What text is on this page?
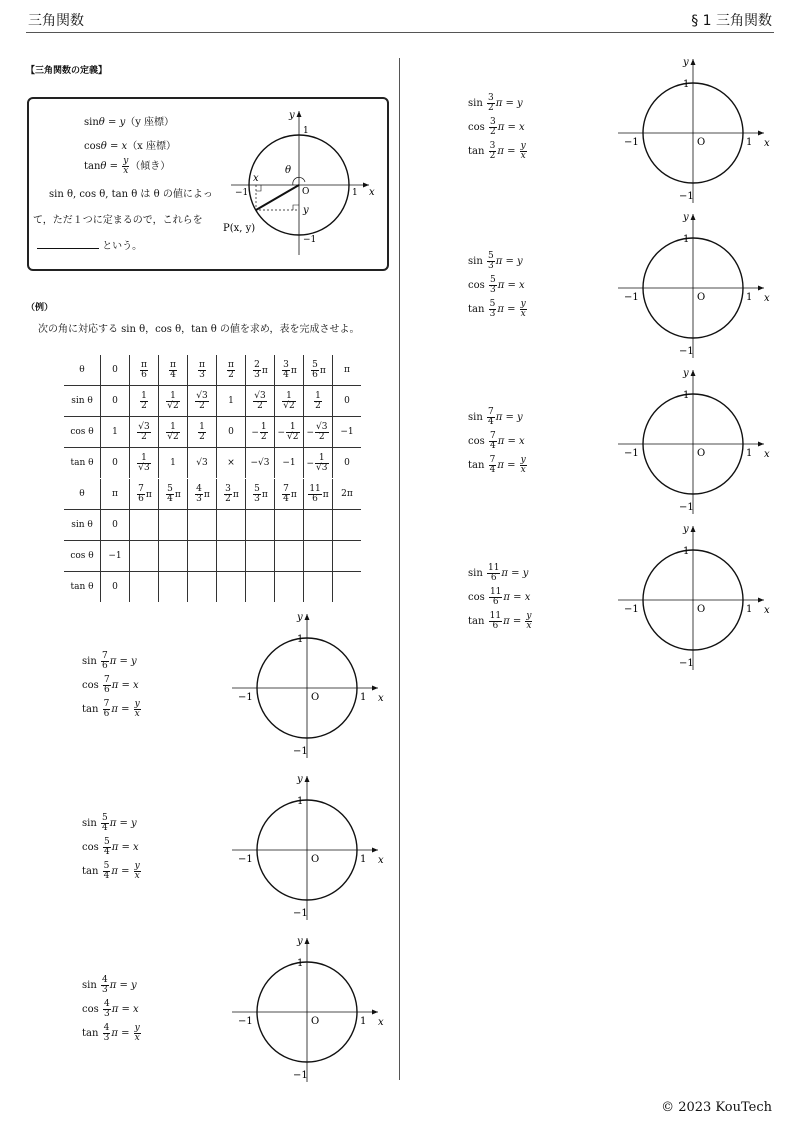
三角関数	§ 1 三角関数
【三角関数の定義】
sinθ = y（y 座標）
cosθ = x（x 座標）
$\tan\theta = \frac{y}{x}$ （傾き）
sin θ, cos θ, tan θ は θ の値によっ
て，ただ１つに定まるので，これらを
という。
θ
1
−1
−1	1
O	x
y
x
y
P(x, y)
（例）
次の角に対応する sin θ，cos θ，tan θ の値を求め，表を完成させよ。
θ	0	$\frac{\pi}{6}$	$\frac{\pi}{4}$	$\frac{\pi}{3}$	$\frac{\pi}{2}$	$\frac{2}{3}$ π	$\frac{3}{4}$ π	$\frac{5}{6}$ π	π
sin θ	0	$\frac{1}{2}$	$\frac{1}{√2}$	$\frac{√3}{2}$	1	$\frac{√3}{2}$	$\frac{1}{√2}$	$\frac{1}{2}$	0
cos θ	1	$\frac{√3}{2}$	$\frac{1}{√2}$	$\frac{1}{2}$	0	− $\frac{1}{2}$	− $\frac{1}{√2}$	− $\frac{√3}{2}$	−1
tan θ	0	$\frac{1}{√3}$	1	√3	×	−√3	−1	− $\frac{1}{√3}$	0
θ	π	$\frac{7}{6}$ π	$\frac{5}{4}$ π	$\frac{4}{3}$ π	$\frac{3}{2}$ π	$\frac{5}{3}$ π	$\frac{7}{4}$ π	$\frac{11}{6}$ π	2π
sin θ	0								
cos θ	−1								
tan θ	0								
$\sin \frac{7}{6}$ π = y
$\cos \frac{7}{6}$ π = x
$\tan \frac{7}{6}$ $\pi = \frac{y}{x}$
$\sin \frac{5}{4}$ π = y
$\cos \frac{5}{4}$ π = x
$\tan \frac{5}{4}$ $\pi = \frac{y}{x}$
$\sin \frac{4}{3}$ π = y
$\cos \frac{4}{3}$ π = x
$\tan \frac{4}{3}$ $\pi = \frac{y}{x}$
$\sin \frac{3}{2}$ π = y
$\cos \frac{3}{2}$ π = x
$\tan \frac{3}{2}$ $\pi = \frac{y}{x}$
$\sin \frac{5}{3}$ π = y
$\cos \frac{5}{3}$ π = x
$\tan \frac{5}{3}$ $\pi = \frac{y}{x}$
$\sin \frac{7}{4}$ π = y
$\cos \frac{7}{4}$ π = x
$\tan \frac{7}{4}$ $\pi = \frac{y}{x}$
$\sin \frac{11}{6}$ π = y
$\cos \frac{11}{6}$ π = x
$\tan \frac{11}{6}$ $\pi = \frac{y}{x}$
1
−1
−1	1
O	x
y
1
−1
−1	1
O	x
y
1
−1
−1	1
O	x
y
1
−1
−1	1
O	x
y
1
−1
−1	1
O	x
y
1
−1
−1	1
O	x
y
1
−1
−1	1
O	x
y
© 2023 KouTech
